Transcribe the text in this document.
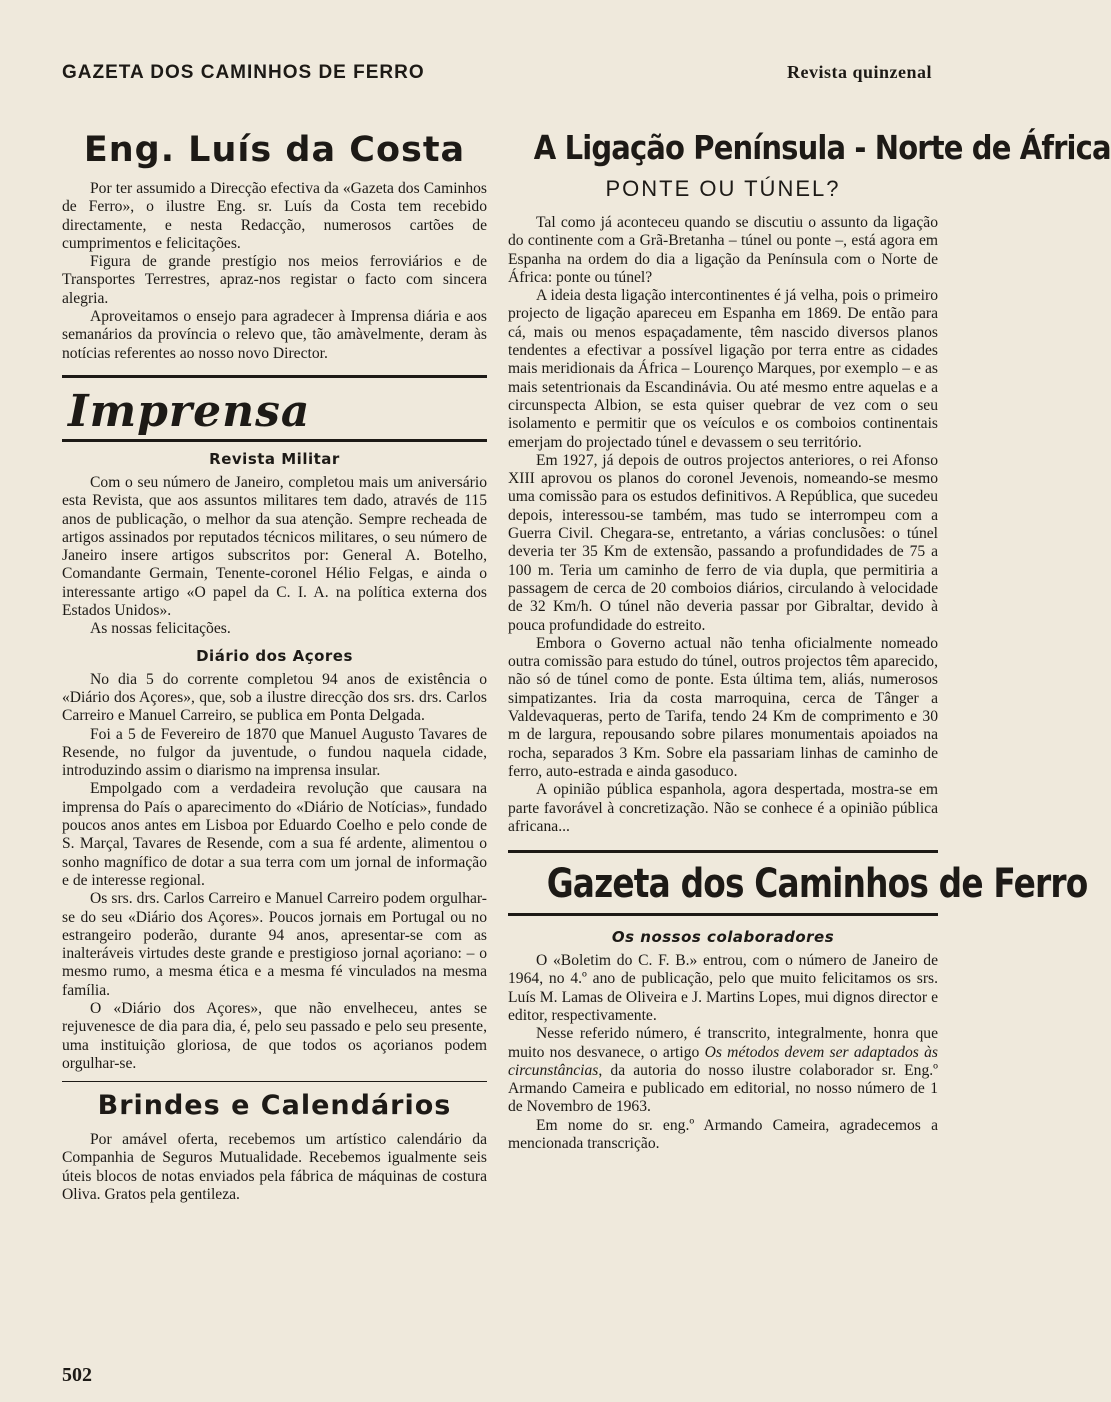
GAZETA DOS CAMINHOS DE FERRO	Revista quinzenal
Eng. Luís da Costa

Por ter assumido a Direcção efectiva da «Gazeta dos Caminhos de Ferro», o ilustre Eng. sr. Luís da Costa tem recebido directamente, e nesta Redacção, numerosos cartões de cumprimentos e felicitações.

Figura de grande prestígio nos meios ferroviários e de Transportes Terrestres, apraz-nos registar o facto com sincera alegria.

Aproveitamos o ensejo para agradecer à Imprensa diária e aos semanários da província o relevo que, tão amàvelmente, deram às notícias referentes ao nosso novo Director.

Imprensa
Revista Militar

Com o seu número de Janeiro, completou mais um aniversário esta Revista, que aos assuntos militares tem dado, através de 115 anos de publicação, o melhor da sua atenção. Sempre recheada de artigos assinados por reputados técnicos militares, o seu número de Janeiro insere artigos subscritos por: General A. Botelho, Comandante Germain, Tenente-coronel Hélio Felgas, e ainda o interessante artigo «O papel da C. I. A. na política externa dos Estados Unidos».

As nossas felicitações.

Diário dos Açores

No dia 5 do corrente completou 94 anos de existência o «Diário dos Açores», que, sob a ilustre direcção dos srs. drs. Carlos Carreiro e Manuel Carreiro, se publica em Ponta Delgada.

Foi a 5 de Fevereiro de 1870 que Manuel Augusto Tavares de Resende, no fulgor da juventude, o fundou naquela cidade, introduzindo assim o diarismo na imprensa insular.

Empolgado com a verdadeira revolução que causara na imprensa do País o aparecimento do «Diário de Notícias», fundado poucos anos antes em Lisboa por Eduardo Coelho e pelo conde de S. Marçal, Tavares de Resende, com a sua fé ardente, alimentou o sonho magnífico de dotar a sua terra com um jornal de informação e de interesse regional.

Os srs. drs. Carlos Carreiro e Manuel Carreiro podem orgulhar-se do seu «Diário dos Açores». Poucos jornais em Portugal ou no estrangeiro poderão, durante 94 anos, apresentar-se com as inalteráveis virtudes deste grande e prestigioso jornal açoriano: – o mesmo rumo, a mesma ética e a mesma fé vinculados na mesma família.

O «Diário dos Açores», que não envelheceu, antes se rejuvenesce de dia para dia, é, pelo seu passado e pelo seu presente, uma instituição gloriosa, de que todos os açorianos podem orgulhar-se.

Brindes e Calendários

Por amável oferta, recebemos um artístico calendário da Companhia de Seguros Mutualidade. Recebemos igualmente seis úteis blocos de notas enviados pela fábrica de máquinas de costura Oliva. Gratos pela gentileza.

A Ligação Península - Norte de África
PONTE OU TÚNEL?

Tal como já aconteceu quando se discutiu o assunto da ligação do continente com a Grã-Bretanha – túnel ou ponte –, está agora em Espanha na ordem do dia a ligação da Península com o Norte de África: ponte ou túnel?

A ideia desta ligação intercontinentes é já velha, pois o primeiro projecto de ligação apareceu em Espanha em 1869. De então para cá, mais ou menos espaçadamente, têm nascido diversos planos tendentes a efectivar a possível ligação por terra entre as cidades mais meridionais da África – Lourenço Marques, por exemplo – e as mais setentrionais da Escandinávia. Ou até mesmo entre aquelas e a circunspecta Albion, se esta quiser quebrar de vez com o seu isolamento e permitir que os veículos e os comboios continentais emerjam do projectado túnel e devassem o seu território.

Em 1927, já depois de outros projectos anteriores, o rei Afonso XIII aprovou os planos do coronel Jevenois, nomeando-se mesmo uma comissão para os estudos definitivos. A República, que sucedeu depois, interessou-se também, mas tudo se interrompeu com a Guerra Civil. Chegara-se, entretanto, a várias conclusões: o túnel deveria ter 35 Km de extensão, passando a profundidades de 75 a 100 m. Teria um caminho de ferro de via dupla, que permitiria a passagem de cerca de 20 comboios diários, circulando à velocidade de 32 Km/h. O túnel não deveria passar por Gibraltar, devido à pouca profundidade do estreito.

Embora o Governo actual não tenha oficialmente nomeado outra comissão para estudo do túnel, outros projectos têm aparecido, não só de túnel como de ponte. Esta última tem, aliás, numerosos simpatizantes. Iria da costa marroquina, cerca de Tânger a Valdevaqueras, perto de Tarifa, tendo 24 Km de comprimento e 30 m de largura, repousando sobre pilares monumentais apoiados na rocha, separados 3 Km. Sobre ela passariam linhas de caminho de ferro, auto-estrada e ainda gasoduco.

A opinião pública espanhola, agora despertada, mostra-se em parte favorável à concretização. Não se conhece é a opinião pública africana...

Gazeta dos Caminhos de Ferro
Os nossos colaboradores

O «Boletim do C. F. B.» entrou, com o número de Janeiro de 1964, no 4.º ano de publicação, pelo que muito felicitamos os srs. Luís M. Lamas de Oliveira e J. Martins Lopes, mui dignos director e editor, respectivamente.

Nesse referido número, é transcrito, integralmente, honra que muito nos desvanece, o artigo Os métodos devem ser adaptados às circunstâncias, da autoria do nosso ilustre colaborador sr. Eng.º Armando Cameira e publicado em editorial, no nosso número de 1 de Novembro de 1963.

Em nome do sr. eng.º Armando Cameira, agradecemos a mencionada transcrição.

502
